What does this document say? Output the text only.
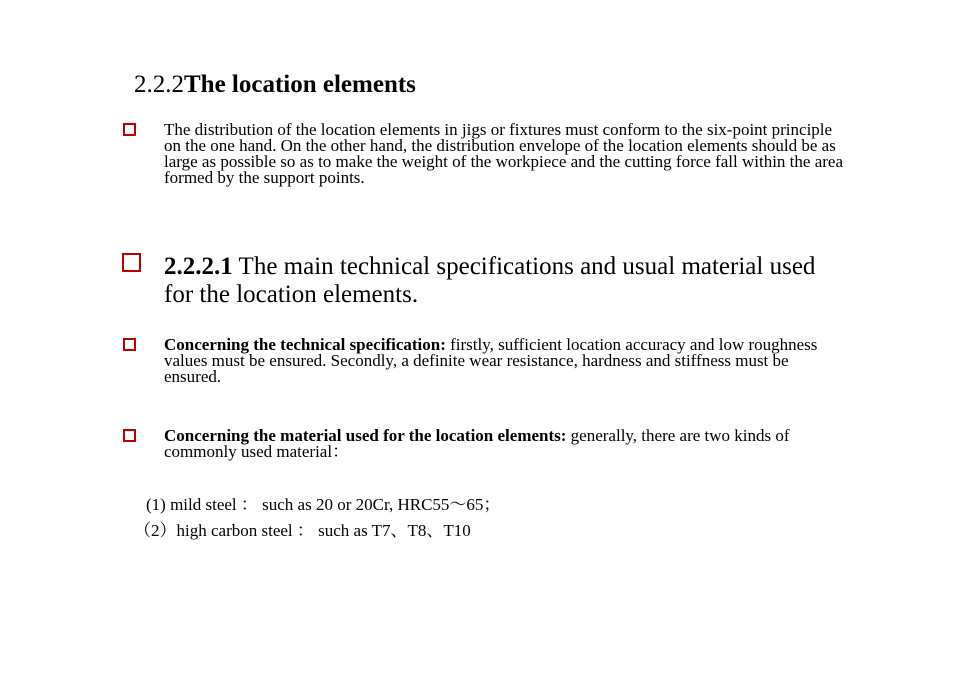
2.2.2The location elements
The distribution of the location elements in jigs or fixtures must conform to the six-point principle on the one hand. On the other hand, the distribution envelope of the location elements should be as large as possible so as to make the weight of the workpiece and the cutting force fall within the area formed by the support points.
2.2.2.1 The main technical specifications and usual material used for the location elements.
Concerning the technical specification: firstly, sufficient location accuracy and low roughness values must be ensured. Secondly, a definite wear resistance, hardness and stiffness must be ensured.
Concerning the material used for the location elements: generally, there are two kinds of commonly used material：
(1) mild steel ： such as 20 or 20Cr, HRC55～65；
（2）high carbon steel ： such as T7、T8、T10
